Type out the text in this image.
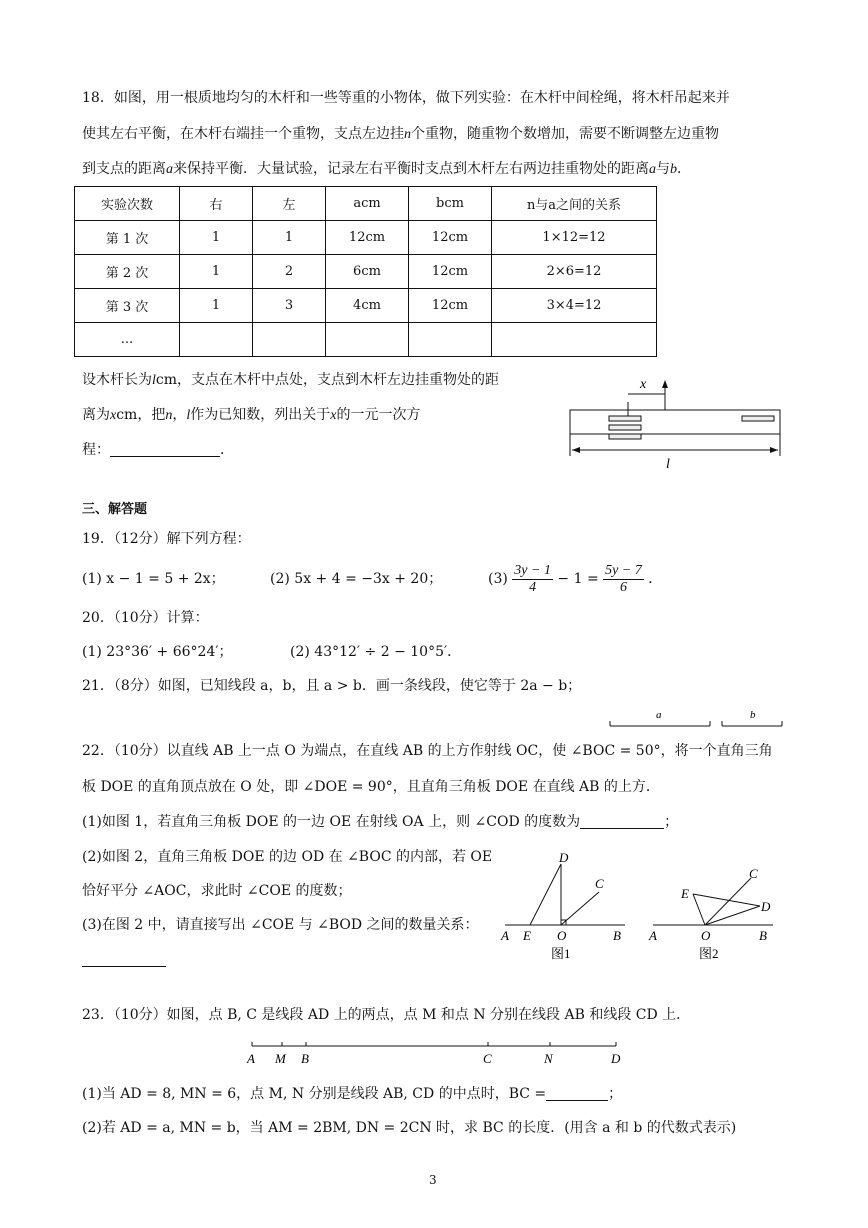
18．如图，用一根质地均匀的木杆和一些等重的小物体，做下列实验：在木杆中间栓绳，将木杆吊起来并
使其左右平衡，在木杆右端挂一个重物，支点左边挂n个重物，随重物个数增加，需要不断调整左边重物
到支点的距离a来保持平衡．大量试验，记录左右平衡时支点到木杆左右两边挂重物处的距离a与b．
实验次数	右	左	acm	bcm	n与a之间的关系
第 1 次	1	1	12cm	12cm	1×12=12
第 2 次	1	2	6cm	12cm	2×6=12
第 3 次	1	3	4cm	12cm	3×4=12
...					
设木杆长为lcm，支点在木杆中点处，支点到木杆左边挂重物处的距
离为xcm，把n，l作为已知数，列出关于x的一元一次方
程：	．
x
l
三、解答题
19．（12分）解下列方程：
(1) x − 1 = 5 + 2x；	(2) 5x + 4 = −3x + 20；	$(3) \frac{3y - 1}{4} - 1 = \frac{5y - 7}{6}$ ．
20．（10分）计算：
(1) 23°36′ + 66°24′；	(2) 43°12′ ÷ 2 − 10°5′．
21．（8分）如图，已知线段 a，b，且 a > b．画一条线段，使它等于 2a − b；
a	b
22．（10分）以直线 AB 上一点 O 为端点，在直线 AB 的上方作射线 OC，使 ∠BOC = 50°，将一个直角三角
板 DOE 的直角顶点放在 O 处，即 ∠DOE = 90°，且直角三角板 DOE 在直线 AB 的上方．
(1)如图 1，若直角三角板 DOE 的一边 OE 在射线 OA 上，则 ∠COD 的度数为	；
(2)如图 2，直角三角板 DOE 的边 OD 在 ∠BOC 的内部，若 OE
恰好平分 ∠AOC，求此时 ∠COE 的度数；
(3)在图 2 中，请直接写出 ∠COE 与 ∠BOD 之间的数量关系：
D
C
A E O	B
图1
C
E
D
A	O	B
图2
23．（10分）如图，点 B, C 是线段 AD 上的两点，点 M 和点 N 分别在线段 AB 和线段 CD 上．
A M B	C	N	D
(1)当 AD = 8, MN = 6，点 M, N 分别是线段 AB, CD 的中点时，BC =	；
(2)若 AD = a, MN = b，当 AM = 2BM, DN = 2CN 时，求 BC 的长度．(用含 a 和 b 的代数式表示)
3
